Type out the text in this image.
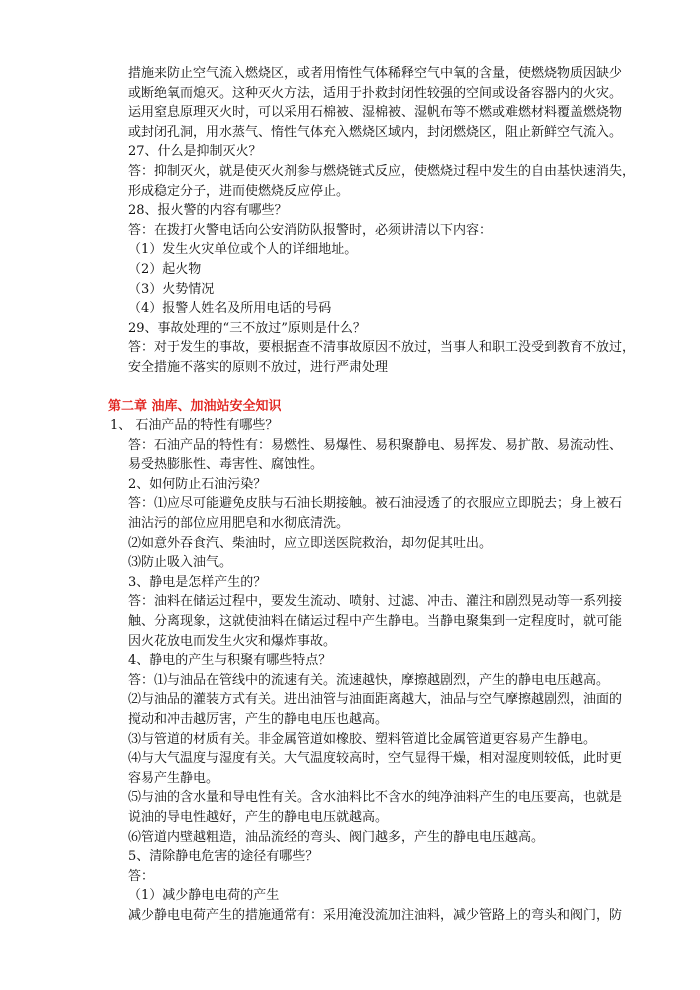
措施来防止空气流入燃烧区，或者用惰性气体稀释空气中氧的含量，使燃烧物质因缺少

或断绝氧而熄灭。这种灭火方法，适用于扑救封闭性较强的空间或设备容器内的火灾。

运用窒息原理灭火时，可以采用石棉被、湿棉被、湿帆布等不燃或难燃材料覆盖燃烧物

或封闭孔洞，用水蒸气、惰性气体充入燃烧区域内，封闭燃烧区，阻止新鲜空气流入。

27、什么是抑制灭火？

答：抑制灭火，就是使灭火剂参与燃烧链式反应，使燃烧过程中发生的自由基快速消失，

形成稳定分子，进而使燃烧反应停止。

28、报火警的内容有哪些？

答：在拨打火警电话向公安消防队报警时，必须讲清以下内容：

（1）发生火灾单位或个人的详细地址。

（2）起火物

（3）火势情况

（4）报警人姓名及所用电话的号码

29、事故处理的“三不放过”原则是什么？

答：对于发生的事故，要根据查不清事故原因不放过，当事人和职工没受到教育不放过，

安全措施不落实的原则不放过，进行严肃处理

第二章 油库、加油站安全知识

1、 石油产品的特性有哪些？

答：石油产品的特性有：易燃性、易爆性、易积聚静电、易挥发、易扩散、易流动性、

易受热膨胀性、毒害性、腐蚀性。

2、如何防止石油污染？

答：⑴应尽可能避免皮肤与石油长期接触。被石油浸透了的衣服应立即脱去；身上被石

油沾污的部位应用肥皂和水彻底清洗。

⑵如意外吞食汽、柴油时，应立即送医院救治，却勿促其吐出。

⑶防止吸入油气。

3、静电是怎样产生的？

答：油料在储运过程中，要发生流动、喷射、过滤、冲击、灌注和剧烈晃动等一系列接

触、分离现象，这就使油料在储运过程中产生静电。当静电聚集到一定程度时，就可能

因火花放电而发生火灾和爆炸事故。

4、静电的产生与积聚有哪些特点？

答：⑴与油品在管线中的流速有关。流速越快，摩擦越剧烈，产生的静电电压越高。

⑵与油品的灌装方式有关。进出油管与油面距离越大，油品与空气摩擦越剧烈，油面的

搅动和冲击越厉害，产生的静电电压也越高。

⑶与管道的材质有关。非金属管道如橡胶、塑料管道比金属管道更容易产生静电。

⑷与大气温度与湿度有关。大气温度较高时，空气显得干燥，相对湿度则较低，此时更

容易产生静电。

⑸与油的含水量和导电性有关。含水油料比不含水的纯净油料产生的电压要高，也就是

说油的导电性越好，产生的静电电压就越高。

⑹管道内壁越粗造，油品流经的弯头、阀门越多，产生的静电电压越高。

5、清除静电危害的途径有哪些？

答：

（1）减少静电电荷的产生

减少静电电荷产生的措施通常有：采用淹没流加注油料，减少管路上的弯头和阀门，防
